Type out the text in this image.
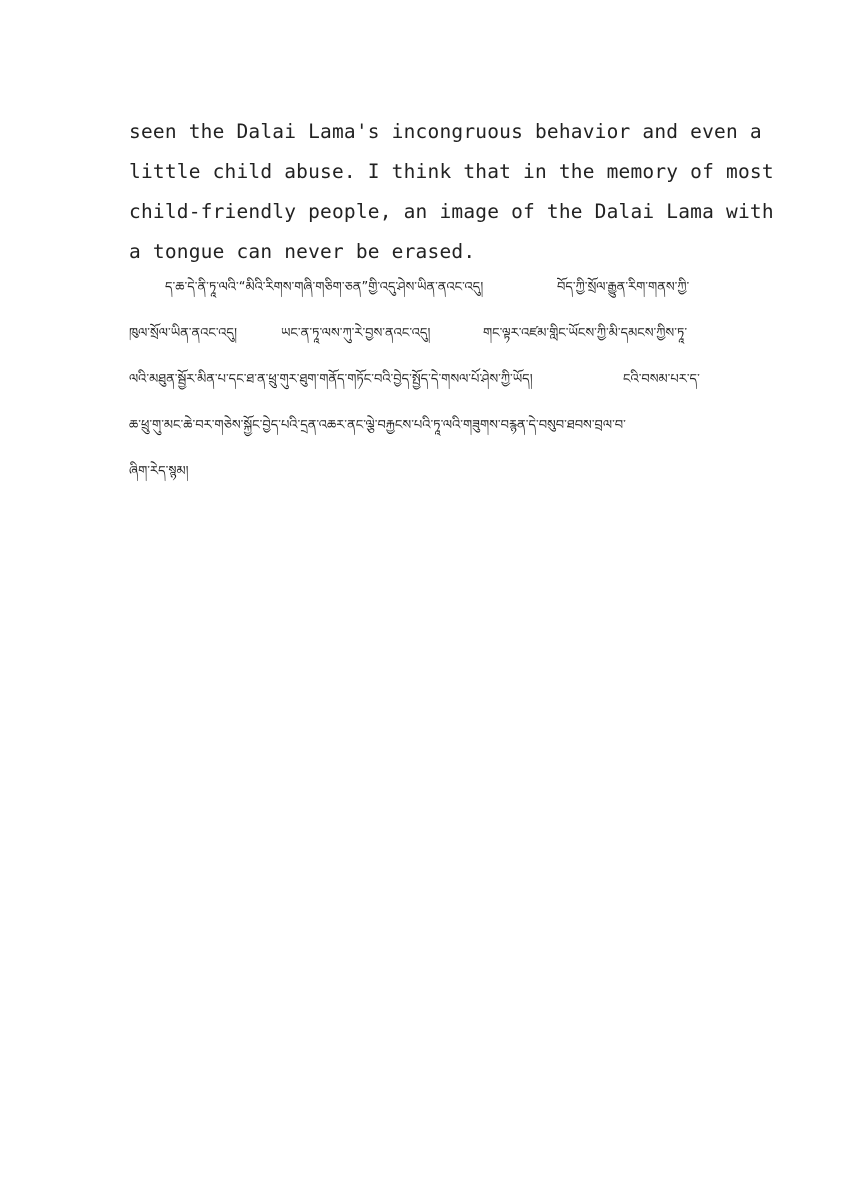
seen the Dalai Lama's incongruous behavior and even a
little child abuse. I think that in the memory of most
child-friendly people, an image of the Dalai Lama with
a tongue can never be erased.

ད་ཆ་དེ་ནི་ཏཱ་ལའི་“མིའི་རིགས་གཞི་གཅིག་ཅན”གྱི་འདུ་ཤེས་ཡིན་ནའང་འདུ།	བོད་ཀྱི་སྲོལ་རྒྱུན་རིག་གནས་ཀྱི་
ཁུལ་སྲོལ་ཡིན་ནའང་འདུ།	ཡང་ན་ཏཱ་ལས་ཀུ་རེ་བྱས་ནའང་འདུ།	གང་ལྟར་འཛམ་གླིང་ཡོངས་ཀྱི་མི་དམངས་ཀྱིས་ཏཱ་
ལའི་མཐུན་སྦྱོར་མིན་པ་དང་ཐ་ན་ཕྲུ་གུར་ཐུག་གནོད་གཏོང་བའི་བྱེད་སྤྱོད་དེ་གསལ་པོ་ཤེས་ཀྱི་ཡོད།	ངའི་བསམ་པར་ད་
ཆ་ཕྲུ་གུ་མང་ཆེ་བར་གཅེས་སྐྱོང་བྱེད་པའི་དྲན་འཆར་ནང་ལྕེ་བརྐྱངས་པའི་ཏཱ་ལའི་གཟུགས་བརྙན་དེ་བསུབ་ཐབས་བྲལ་བ་
ཞིག་རེད་སྙམ།
